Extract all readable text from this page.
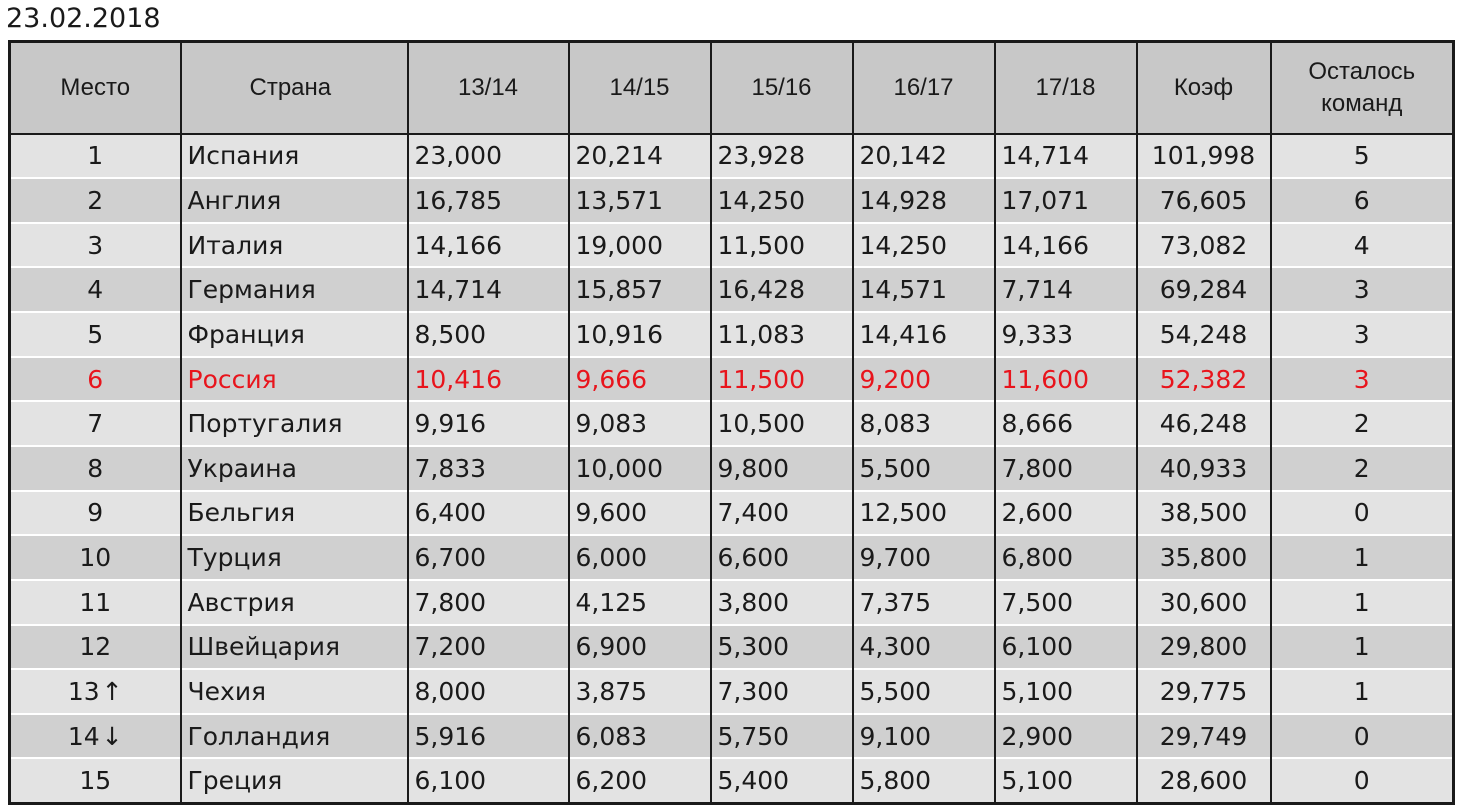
23.02.2018
Место	Страна	13/14	14/15	15/16	16/17	17/18	Коэф	Осталось команд
1	Испания	23,000	20,214	23,928	20,142	14,714	101,998	5
2	Англия	16,785	13,571	14,250	14,928	17,071	76,605	6
3	Италия	14,166	19,000	11,500	14,250	14,166	73,082	4
4	Германия	14,714	15,857	16,428	14,571	7,714	69,284	3
5	Франция	8,500	10,916	11,083	14,416	9,333	54,248	3
6	Россия	10,416	9,666	11,500	9,200	11,600	52,382	3
7	Португалия	9,916	9,083	10,500	8,083	8,666	46,248	2
8	Украина	7,833	10,000	9,800	5,500	7,800	40,933	2
9	Бельгия	6,400	9,600	7,400	12,500	2,600	38,500	0
10	Турция	6,700	6,000	6,600	9,700	6,800	35,800	1
11	Австрия	7,800	4,125	3,800	7,375	7,500	30,600	1
12	Швейцария	7,200	6,900	5,300	4,300	6,100	29,800	1
13↑	Чехия	8,000	3,875	7,300	5,500	5,100	29,775	1
14↓	Голландия	5,916	6,083	5,750	9,100	2,900	29,749	0
15	Греция	6,100	6,200	5,400	5,800	5,100	28,600	0
